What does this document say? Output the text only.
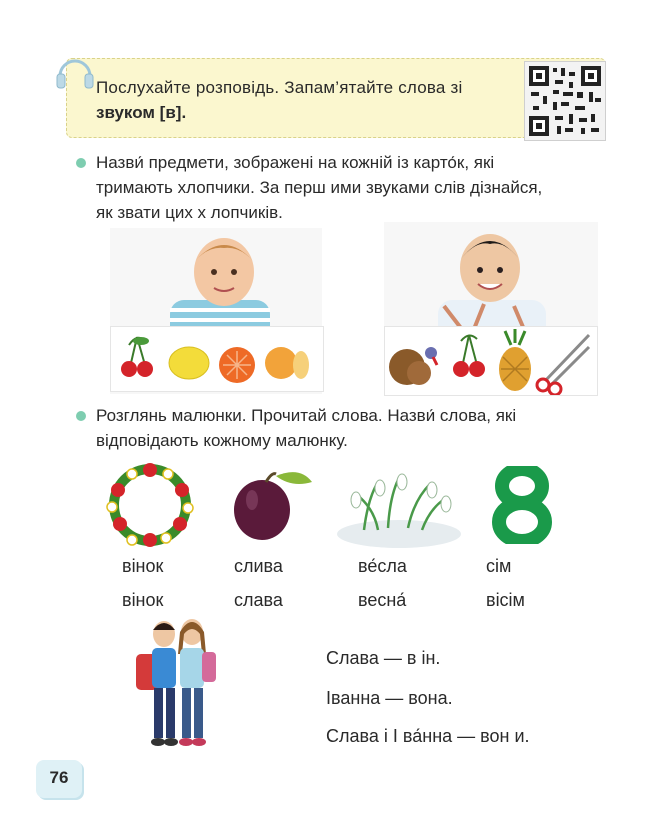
Послухайте розповідь. Запам’ятайте слова зі
звуком [в].
Назви́ предмети, зображені на кожній із карто́к, які
тримають хлопчики. За перш ими звуками слів дізнайся,
як звати цих х лопчиків.
Розглянь малюнки. Прочитай слова. Назви́ слова, які
відповідають кожному малюнку.
вінок	слива	ве́сла	сім
вінок	слава	весна́	вісім
Слава — в ін.
Іванна — вона.
Слава і І ва́нна — вон и.
76
